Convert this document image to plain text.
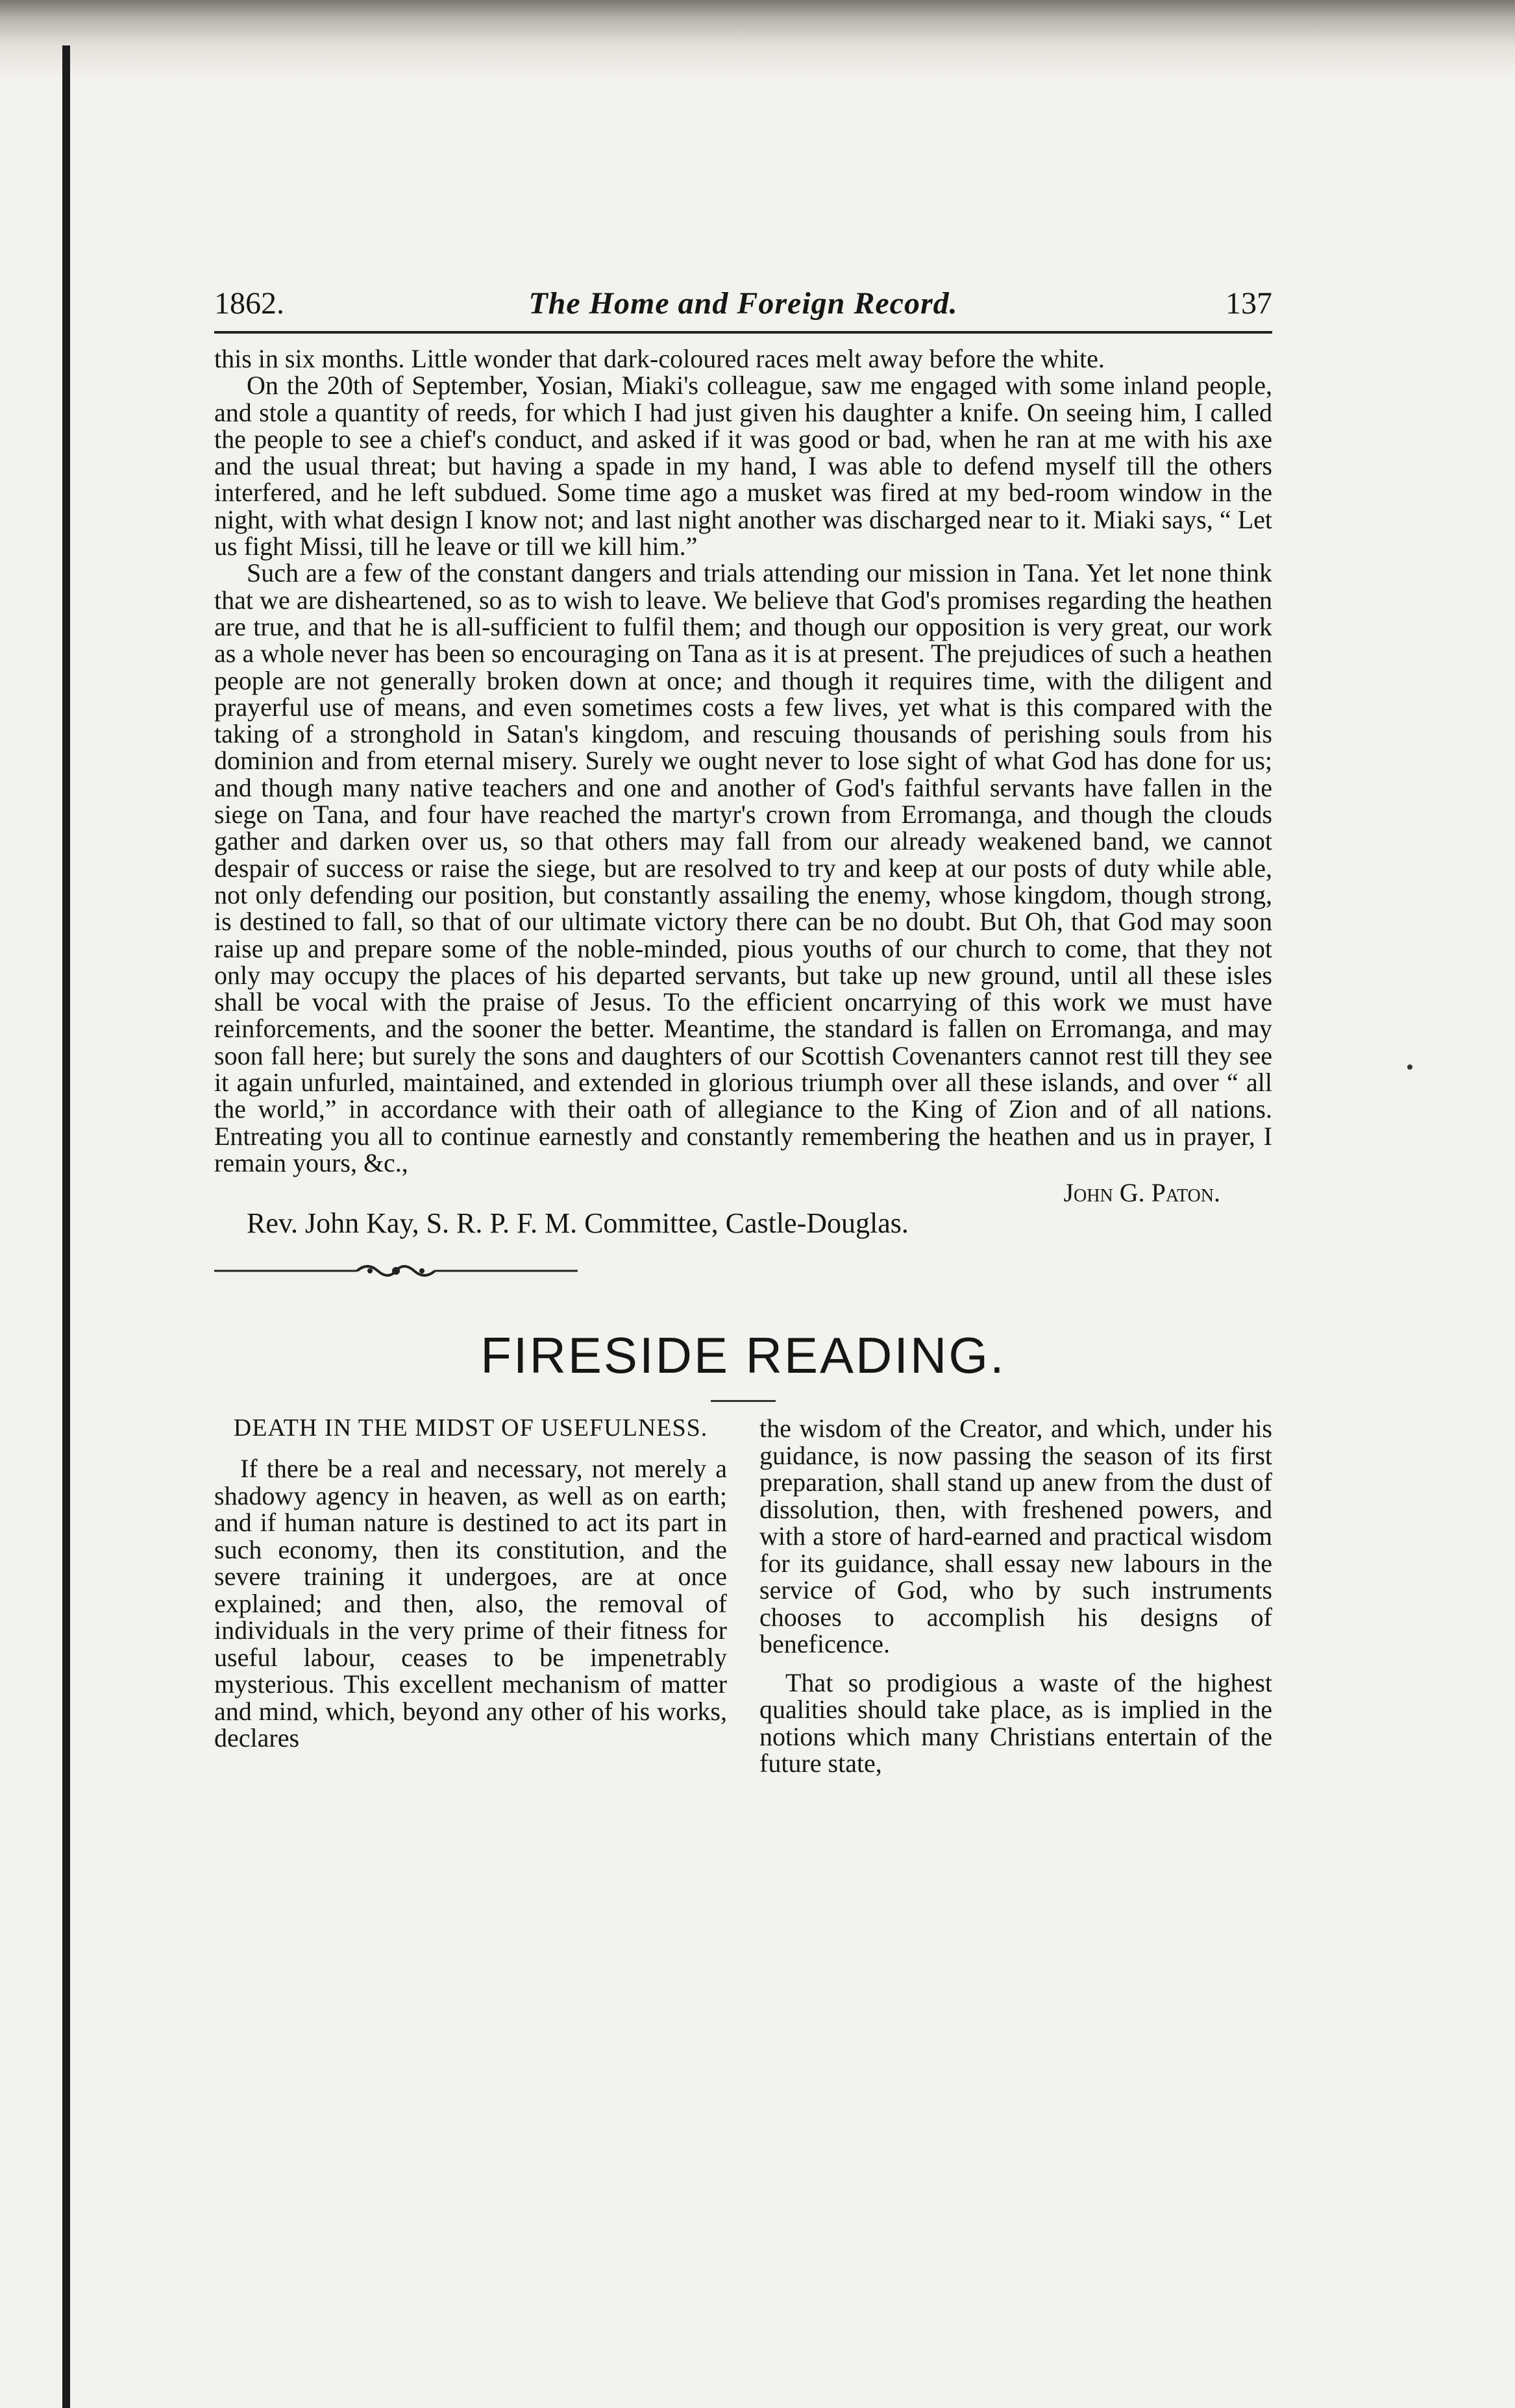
1862.	The Home and Foreign Record.	137

this in six months. Little wonder that dark-coloured races melt away before the white.

On the 20th of September, Yosian, Miaki's colleague, saw me engaged with some inland people, and stole a quantity of reeds, for which I had just given his daughter a knife. On seeing him, I called the people to see a chief's conduct, and asked if it was good or bad, when he ran at me with his axe and the usual threat; but having a spade in my hand, I was able to defend myself till the others interfered, and he left subdued. Some time ago a musket was fired at my bed-room window in the night, with what design I know not; and last night another was discharged near to it. Miaki says, “ Let us fight Missi, till he leave or till we kill him.”

Such are a few of the constant dangers and trials attending our mission in Tana. Yet let none think that we are disheartened, so as to wish to leave. We believe that God's promises regarding the heathen are true, and that he is all-sufficient to fulfil them; and though our opposition is very great, our work as a whole never has been so encouraging on Tana as it is at present. The prejudices of such a heathen people are not generally broken down at once; and though it requires time, with the diligent and prayerful use of means, and even sometimes costs a few lives, yet what is this compared with the taking of a stronghold in Satan's kingdom, and rescuing thousands of perishing souls from his dominion and from eternal misery. Surely we ought never to lose sight of what God has done for us; and though many native teachers and one and another of God's faithful servants have fallen in the siege on Tana, and four have reached the martyr's crown from Erromanga, and though the clouds gather and darken over us, so that others may fall from our already weakened band, we cannot despair of success or raise the siege, but are resolved to try and keep at our posts of duty while able, not only defending our position, but constantly assailing the enemy, whose kingdom, though strong, is destined to fall, so that of our ultimate victory there can be no doubt. But Oh, that God may soon raise up and prepare some of the noble-minded, pious youths of our church to come, that they not only may occupy the places of his departed servants, but take up new ground, until all these isles shall be vocal with the praise of Jesus. To the efficient oncarrying of this work we must have reinforcements, and the sooner the better. Meantime, the standard is fallen on Erromanga, and may soon fall here; but surely the sons and daughters of our Scottish Covenanters cannot rest till they see it again unfurled, maintained, and extended in glorious triumph over all these islands, and over “ all the world,” in accordance with their oath of allegiance to the King of Zion and of all nations. Entreating you all to continue earnestly and constantly remembering the heathen and us in prayer, I remain yours, &c.,

John G. Paton.
Rev. John Kay, S. R. P. F. M. Committee, Castle-Douglas.
FIRESIDE READING.
DEATH IN THE MIDST OF USEFULNESS.

If there be a real and necessary, not merely a shadowy agency in heaven, as well as on earth; and if human nature is destined to act its part in such economy, then its constitution, and the severe training it undergoes, are at once explained; and then, also, the removal of individuals in the very prime of their fitness for useful labour, ceases to be impenetrably mysterious. This excellent mechanism of matter and mind, which, beyond any other of his works, declares

the wisdom of the Creator, and which, under his guidance, is now passing the season of its first preparation, shall stand up anew from the dust of dissolution, then, with freshened powers, and with a store of hard-earned and practical wisdom for its guidance, shall essay new labours in the service of God, who by such instruments chooses to accomplish his designs of beneficence.

That so prodigious a waste of the highest qualities should take place, as is implied in the notions which many Christians entertain of the future state,
